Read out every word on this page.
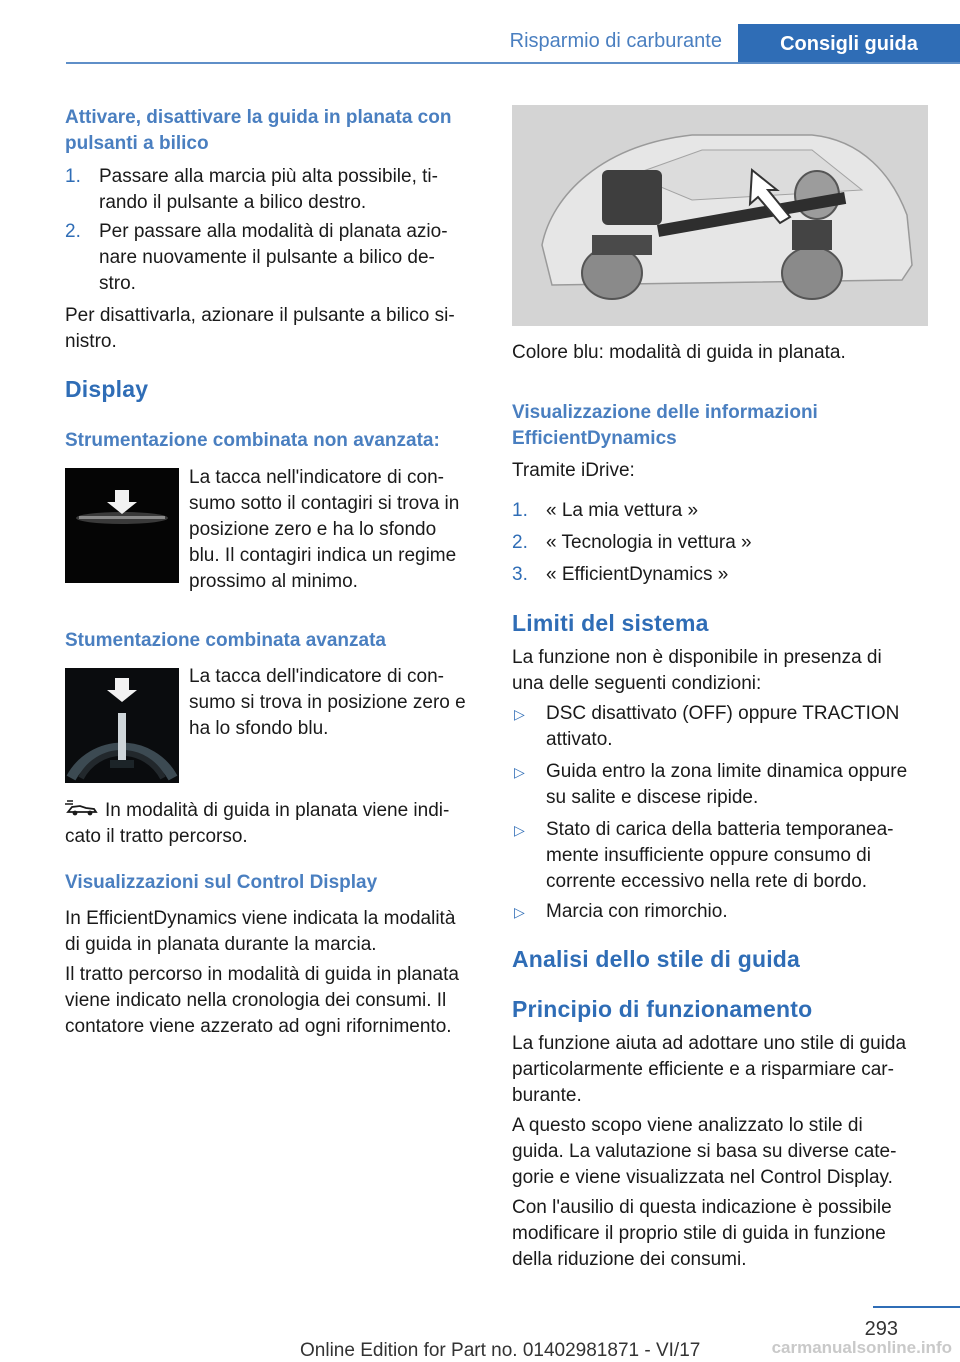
Risparmio di carburante	Consigli guida
Attivare, disattivare la guida in planata con pulsanti a bilico
1. Passare alla marcia più alta possibile, ti‐
rando il pulsante a bilico destro.
2. Per passare alla modalità di planata azio‐
nare nuovamente il pulsante a bilico de‐
stro.
Per disattivarla, azionare il pulsante a bilico si‐
nistro.
Display
Strumentazione combinata non avanzata:
La tacca nell'indicatore di con‐
sumo sotto il contagiri si trova in
posizione zero e ha lo sfondo
blu. Il contagiri indica un regime
prossimo al minimo.
Stumentazione combinata avanzata
La tacca dell'indicatore di con‐
sumo si trova in posizione zero e
ha lo sfondo blu.
In modalità di guida in planata viene indi‐
cato il tratto percorso.
Visualizzazioni sul Control Display
In EfficientDynamics viene indicata la modalità
di guida in planata durante la marcia.
Il tratto percorso in modalità di guida in planata
viene indicato nella cronologia dei consumi. Il
contatore viene azzerato ad ogni rifornimento.
Colore blu: modalità di guida in planata.
Visualizzazione delle informazioni EfficientDynamics
Tramite iDrive:
1. « La mia vettura »
2. « Tecnologia in vettura »
3. « EfficientDynamics »
Limiti del sistema
La funzione non è disponibile in presenza di
una delle seguenti condizioni:
▷ DSC disattivato (OFF) oppure TRACTION
attivato.
▷ Guida entro la zona limite dinamica oppure
su salite e discese ripide.
▷ Stato di carica della batteria temporanea‐
mente insufficiente oppure consumo di
corrente eccessivo nella rete di bordo.
▷ Marcia con rimorchio.
Analisi dello stile di guida
Principio di funzionamento
La funzione aiuta ad adottare uno stile di guida
particolarmente efficiente e a risparmiare car‐
burante.
A questo scopo viene analizzato lo stile di
guida. La valutazione si basa su diverse cate‐
gorie e viene visualizzata nel Control Display.
Con l'ausilio di questa indicazione è possibile
modificare il proprio stile di guida in funzione
della riduzione dei consumi.
293
Online Edition for Part no. 01402981871 - VI/17	carmanualsonline.info
